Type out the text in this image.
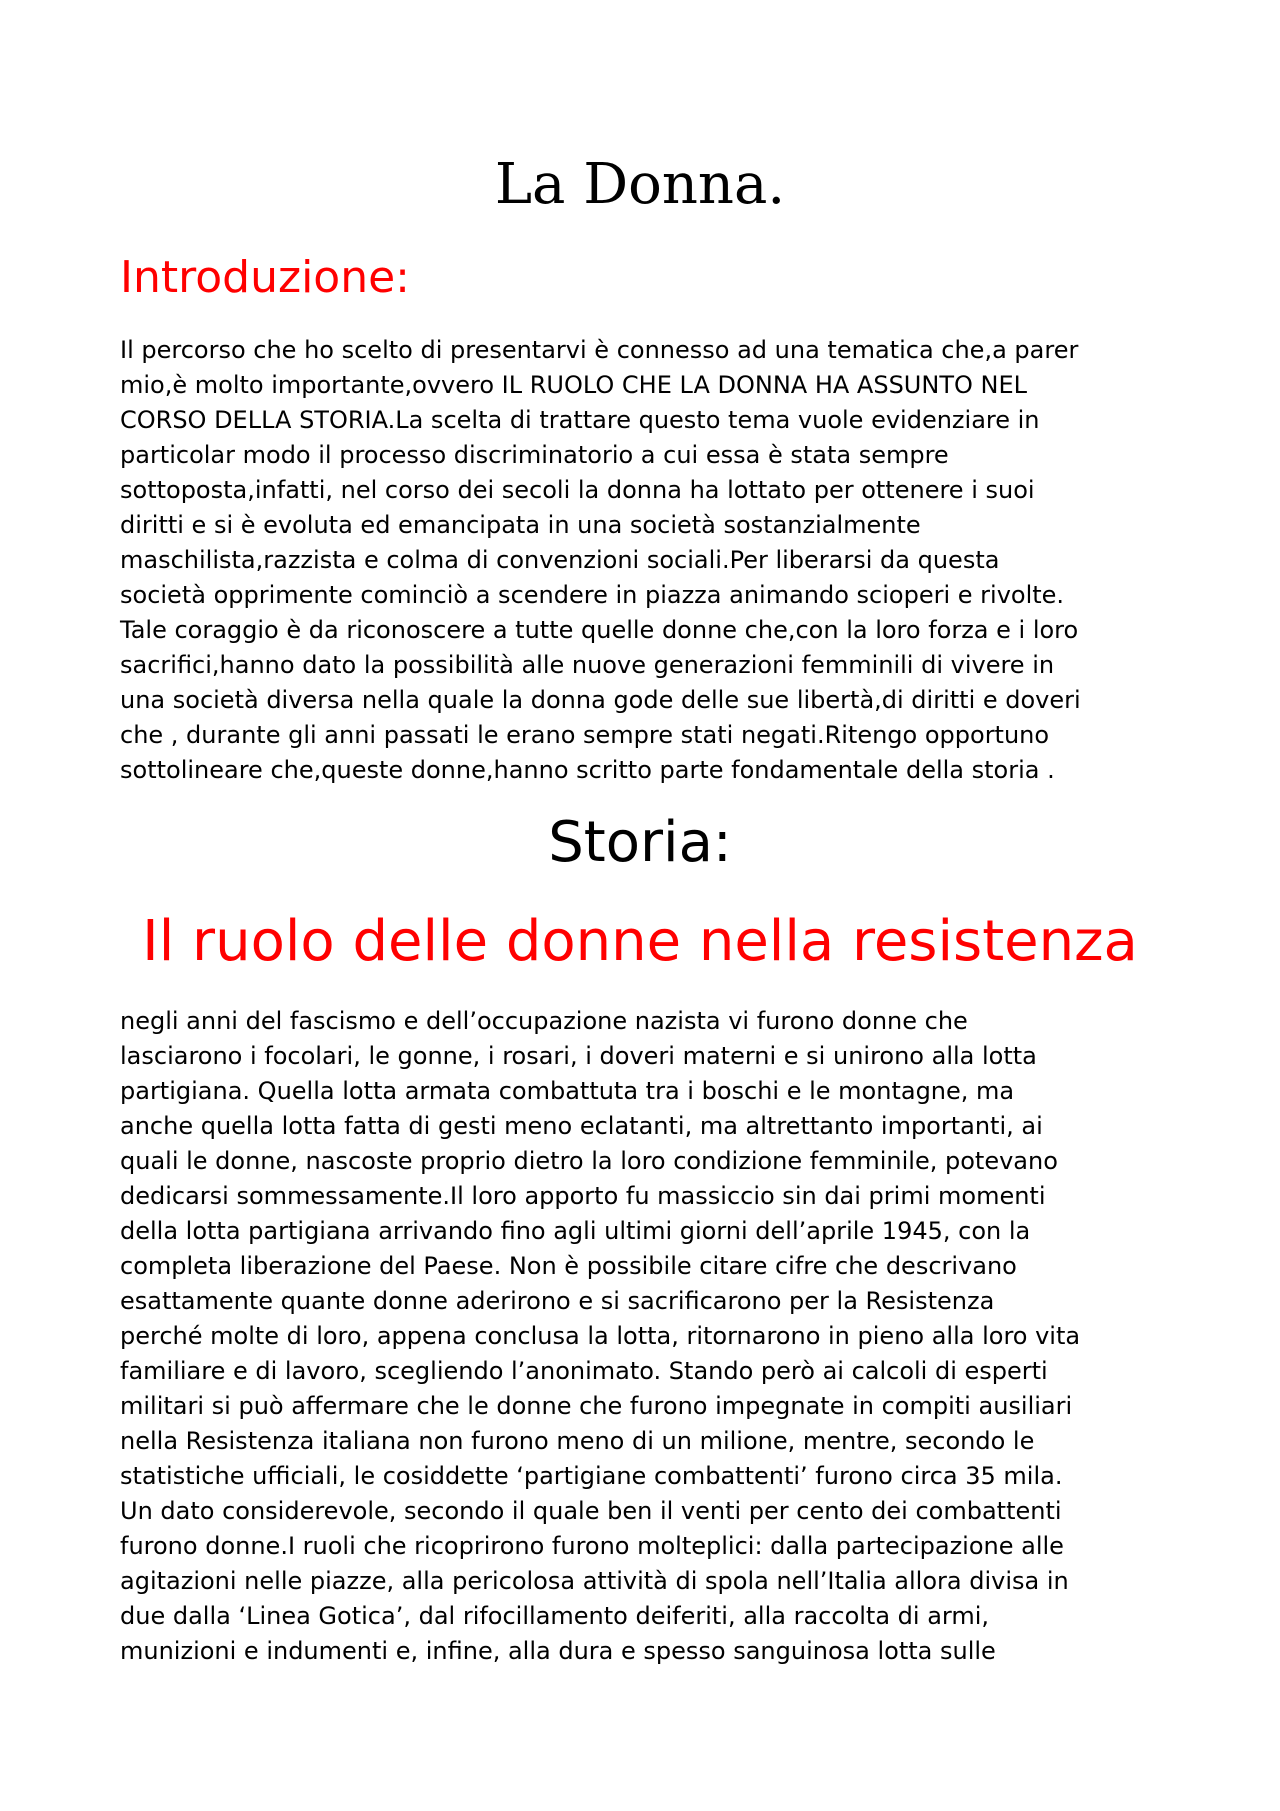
La Donna.
Introduzione:

Il percorso che ho scelto di presentarvi è connesso ad una tematica che,a parer
mio,è molto importante,ovvero IL RUOLO CHE LA DONNA HA ASSUNTO NEL
CORSO DELLA STORIA.La scelta di trattare questo tema vuole evidenziare in
particolar modo il processo discriminatorio a cui essa è stata sempre
sottoposta,infatti, nel corso dei secoli la donna ha lottato per ottenere i suoi
diritti e si è evoluta ed emancipata in una società sostanzialmente
maschilista,razzista e colma di convenzioni sociali.Per liberarsi da questa
società opprimente cominciò a scendere in piazza animando scioperi e rivolte.
Tale coraggio è da riconoscere a tutte quelle donne che,con la loro forza e i loro
sacrifici,hanno dato la possibilità alle nuove generazioni femminili di vivere in
una società diversa nella quale la donna gode delle sue libertà,di diritti e doveri
che , durante gli anni passati le erano sempre stati negati.Ritengo opportuno
sottolineare che,queste donne,hanno scritto parte fondamentale della storia .

Storia:
Il ruolo delle donne nella resistenza

negli anni del fascismo e dell’occupazione nazista vi furono donne che
lasciarono i focolari, le gonne, i rosari, i doveri materni e si unirono alla lotta
partigiana. Quella lotta armata combattuta tra i boschi e le montagne, ma
anche quella lotta fatta di gesti meno eclatanti, ma altrettanto importanti, ai
quali le donne, nascoste proprio dietro la loro condizione femminile, potevano
dedicarsi sommessamente.Il loro apporto fu massiccio sin dai primi momenti
della lotta partigiana arrivando fino agli ultimi giorni dell’aprile 1945, con la
completa liberazione del Paese. Non è possibile citare cifre che descrivano
esattamente quante donne aderirono e si sacrificarono per la Resistenza
perché molte di loro, appena conclusa la lotta, ritornarono in pieno alla loro vita
familiare e di lavoro, scegliendo l’anonimato. Stando però ai calcoli di esperti
militari si può affermare che le donne che furono impegnate in compiti ausiliari
nella Resistenza italiana non furono meno di un milione, mentre, secondo le
statistiche ufficiali, le cosiddette ‘partigiane combattenti’ furono circa 35 mila.
Un dato considerevole, secondo il quale ben il venti per cento dei combattenti
furono donne.I ruoli che ricoprirono furono molteplici: dalla partecipazione alle
agitazioni nelle piazze, alla pericolosa attività di spola nell’Italia allora divisa in
due dalla ‘Linea Gotica’, dal rifocillamento deiferiti, alla raccolta di armi,
munizioni e indumenti e, infine, alla dura e spesso sanguinosa lotta sulle
